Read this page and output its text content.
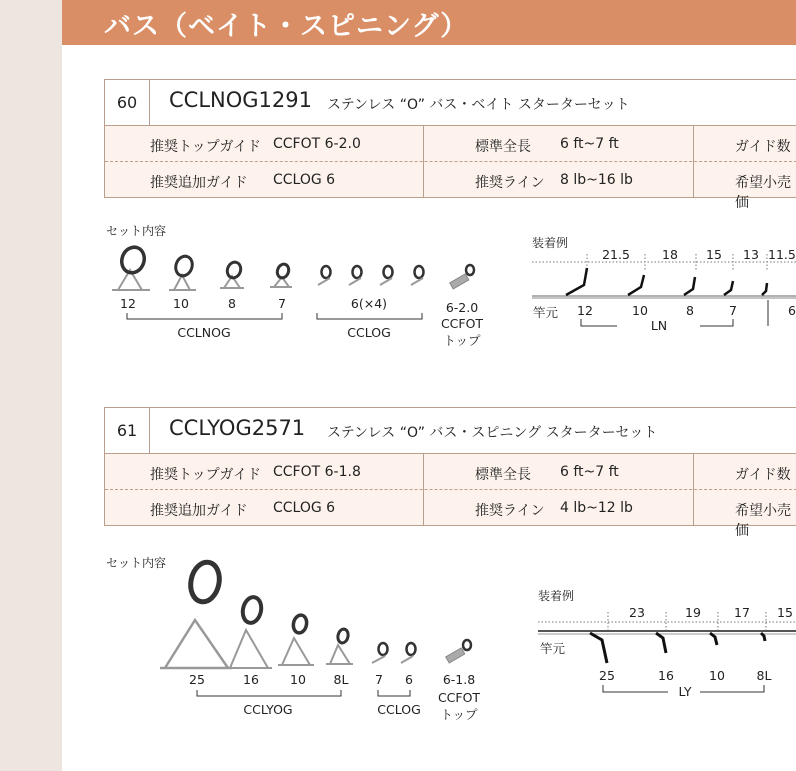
バス（ベイト・スピニング）
60	CCLNOG1291 ステンレス “O” バス・ベイト スターターセット
推奨トップガイド CCFOT 6-2.0	標準全長 6 ft~7 ft	ガイド数
推奨追加ガイド CCLOG 6	推奨ライン 8 lb~16 lb	希望小売価
セット内容
12	10	8	7	6(×4)	6-2.0
CCLNOG	CCLOG
CCFOT
トップ
装着例
21.5	18 15 13 11.5
竿元 12	10	8	7	6
LN
61	CCLYOG2571 ステンレス “O” バス・スピニング スターターセット
推奨トップガイド CCFOT 6-1.8	標準全長 6 ft~7 ft	ガイド数
推奨追加ガイド CCLOG 6	推奨ライン 4 lb~12 lb	希望小売価
セット内容
25	16 10 8L 7 6 6-1.8
CCLYOG	CCLOG
CCFOT
トップ
装着例
23	19	17 15
竿元
25	16	10	8L
LY
